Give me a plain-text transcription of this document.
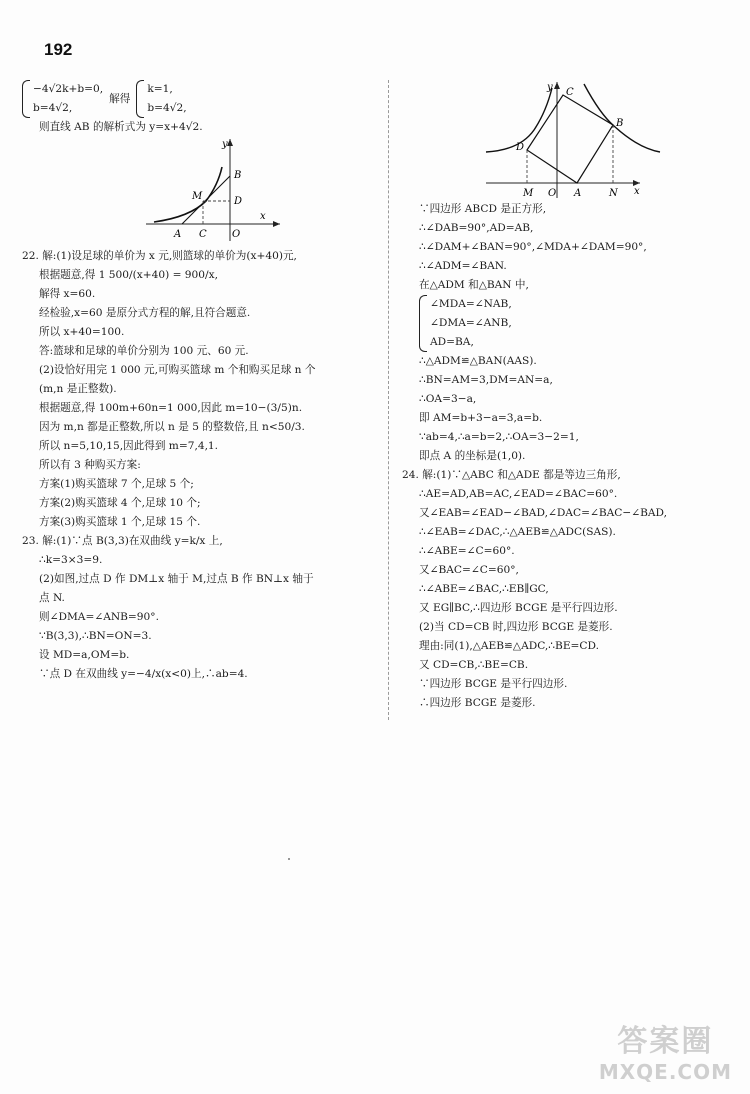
192
−4√2k+b=0,
b=4√2,
解得
k=1,
b=4√2,
则直线 AB 的解析式为 y=x+4√2.
y
B
M	D
A C	O
x
22. 解:(1)设足球的单价为 x 元,则篮球的单价为(x+40)元,
根据题意,得 1 500/(x+40) = 900/x,
解得 x=60.
经检验,x=60 是原分式方程的解,且符合题意.
所以 x+40=100.
答:篮球和足球的单价分别为 100 元、60 元.
(2)设恰好用完 1 000 元,可购买篮球 m 个和购买足球 n 个
(m,n 是正整数).
根据题意,得 100m+60n=1 000,因此 m=10−(3/5)n.
因为 m,n 都是正整数,所以 n 是 5 的整数倍,且 n<50/3.
所以 n=5,10,15,因此得到 m=7,4,1.
所以有 3 种购买方案:
方案(1)购买篮球 7 个,足球 5 个;
方案(2)购买篮球 4 个,足球 10 个;
方案(3)购买篮球 1 个,足球 15 个.
23. 解:(1)∵点 B(3,3)在双曲线 y=k/x 上,
∴k=3×3=9.
(2)如图,过点 D 作 DM⊥x 轴于 M,过点 B 作 BN⊥x 轴于
点 N.
则∠DMA=∠ANB=90°.
∵B(3,3),∴BN=ON=3.
设 MD=a,OM=b.
∵点 D 在双曲线 y=−4/x(x<0)上,∴ab=4.
y C
B
D
M O A	N x
∵四边形 ABCD 是正方形,
∴∠DAB=90°,AD=AB,
∴∠DAM+∠BAN=90°,∠MDA+∠DAM=90°,
∴∠ADM=∠BAN.
在△ADM 和△BAN 中,
∠MDA=∠NAB,
∠DMA=∠ANB,
AD=BA,
∴△ADM≌△BAN(AAS).
∴BN=AM=3,DM=AN=a,
∴OA=3−a,
即 AM=b+3−a=3,a=b.
∵ab=4,∴a=b=2,∴OA=3−2=1,
即点 A 的坐标是(1,0).
24. 解:(1)∵△ABC 和△ADE 都是等边三角形,
∴AE=AD,AB=AC,∠EAD=∠BAC=60°.
又∠EAB=∠EAD−∠BAD,∠DAC=∠BAC−∠BAD,
∴∠EAB=∠DAC,∴△AEB≌△ADC(SAS).
∴∠ABE=∠C=60°.
又∠BAC=∠C=60°,
∴∠ABE=∠BAC,∴EB∥GC,
又 EG∥BC,∴四边形 BCGE 是平行四边形.
(2)当 CD=CB 时,四边形 BCGE 是菱形.
理由:同(1),△AEB≌△ADC,∴BE=CD.
又 CD=CB,∴BE=CB.
∵四边形 BCGE 是平行四边形.
∴四边形 BCGE 是菱形.
答案圈
MXQE.COM
